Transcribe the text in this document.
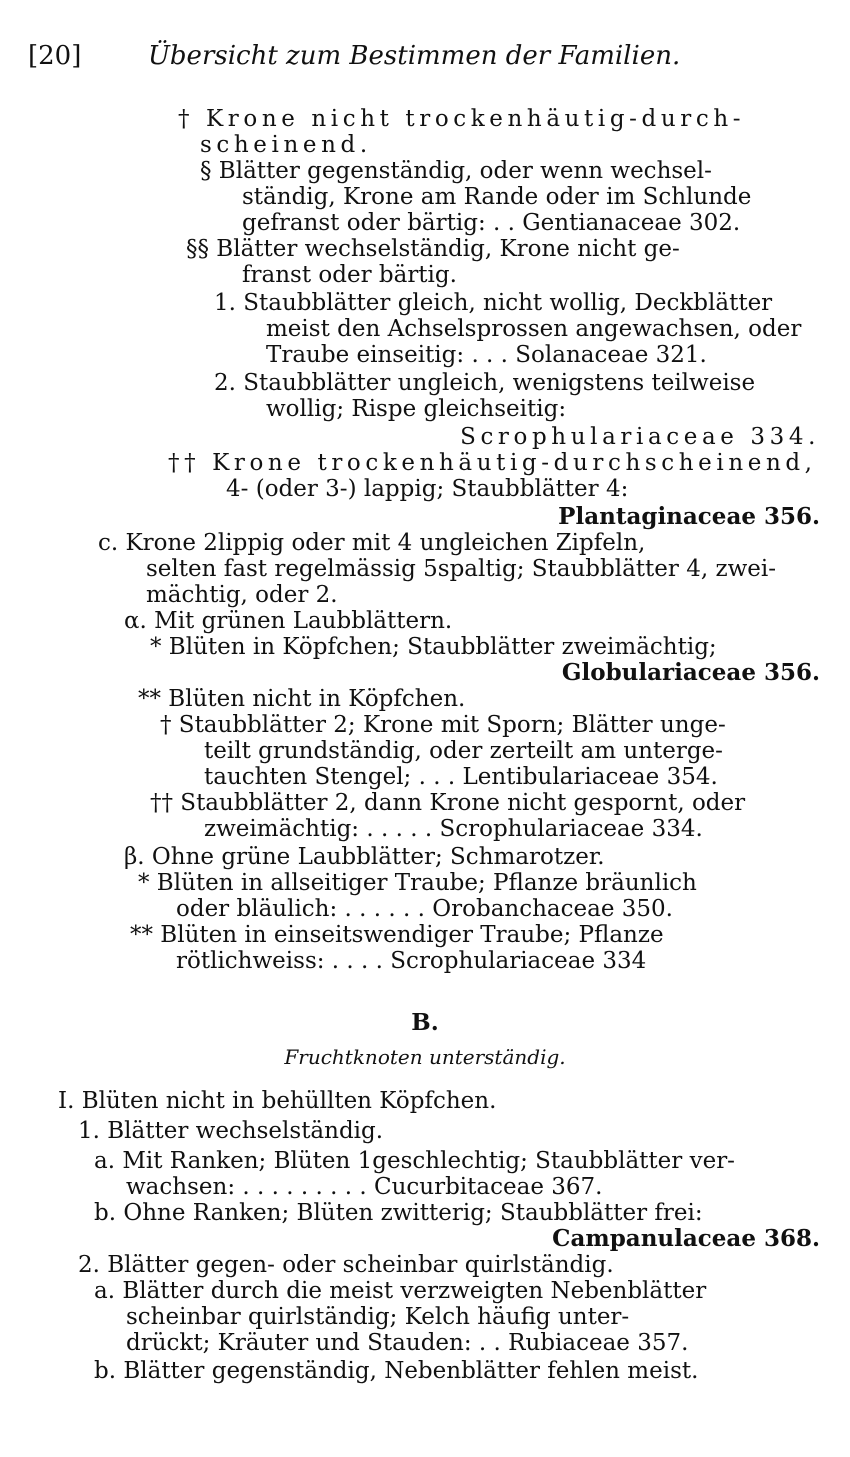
[20]	Übersicht zum Bestimmen der Familien.
† Krone nicht trockenhäutig-durch-
scheinend.
§ Blätter gegenständig, oder wenn wechsel-
ständig, Krone am Rande oder im Schlunde
gefranst oder bärtig: . . Gentianaceae 302.
§§ Blätter wechselständig, Krone nicht ge-
franst oder bärtig.
1. Staubblätter gleich, nicht wollig, Deckblätter
meist den Achselsprossen angewachsen, oder
Traube einseitig: . . . Solanaceae 321.
2. Staubblätter ungleich, wenigstens teilweise
wollig; Rispe gleichseitig:
Scrophulariaceae 334.
†† Krone trockenhäutig-durchscheinend,
4- (oder 3-) lappig; Staubblätter 4:
Plantaginaceae 356.
c. Krone 2lippig oder mit 4 ungleichen Zipfeln,
selten fast regelmässig 5spaltig; Staubblätter 4, zwei-
mächtig, oder 2.
α. Mit grünen Laubblättern.
* Blüten in Köpfchen; Staubblätter zweimächtig;
Globulariaceae 356.
** Blüten nicht in Köpfchen.
† Staubblätter 2; Krone mit Sporn; Blätter unge-
teilt grundständig, oder zerteilt am unterge-
tauchten Stengel; . . . Lentibulariaceae 354.
†† Staubblätter 2, dann Krone nicht gespornt, oder
zweimächtig: . . . . . Scrophulariaceae 334.
β. Ohne grüne Laubblätter; Schmarotzer.
* Blüten in allseitiger Traube; Pflanze bräunlich
oder bläulich: . . . . . . Orobanchaceae 350.
** Blüten in einseitswendiger Traube; Pflanze
rötlichweiss: . . . . Scrophulariaceae 334
B.
Fruchtknoten unterständig.
I. Blüten nicht in behüllten Köpfchen.
1. Blätter wechselständig.
a. Mit Ranken; Blüten 1geschlechtig; Staubblätter ver-
wachsen: . . . . . . . . . Cucurbitaceae 367.
b. Ohne Ranken; Blüten zwitterig; Staubblätter frei:
Campanulaceae 368.
2. Blätter gegen- oder scheinbar quirlständig.
a. Blätter durch die meist verzweigten Nebenblätter
scheinbar quirlständig; Kelch häufig unter-
drückt; Kräuter und Stauden: . . Rubiaceae 357.
b. Blätter gegenständig, Nebenblätter fehlen meist.
